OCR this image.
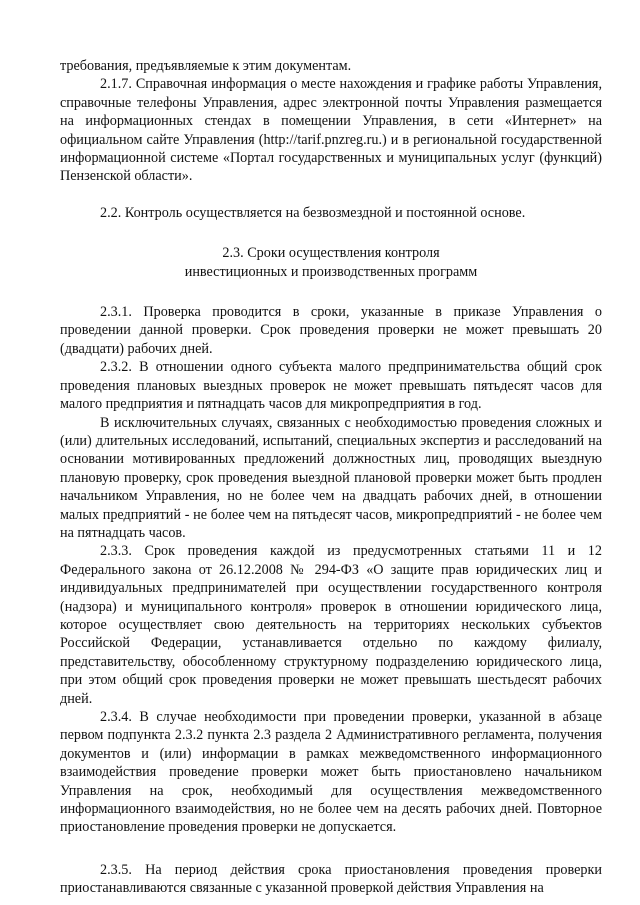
требования, предъявляемые к этим документам.

2.1.7. Справочная информация о месте нахождения и графике работы Управления, справочные телефоны Управления, адрес электронной почты Управления размещается на информационных стендах в помещении Управления, в сети «Интернет» на официальном сайте Управления (http://tarif.pnzreg.ru.) и в региональной государственной информационной системе «Портал государственных и муниципальных услуг (функций) Пензенской области».

2.2. Контроль осуществляется на безвозмездной и постоянной основе.

2.3. Сроки осуществления контроля
инвестиционных и производственных программ

2.3.1. Проверка проводится в сроки, указанные в приказе Управления о проведении данной проверки. Срок проведения проверки не может превышать 20 (двадцати) рабочих дней.

2.3.2. В отношении одного субъекта малого предпринимательства общий срок проведения плановых выездных проверок не может превышать пятьдесят часов для малого предприятия и пятнадцать часов для микропредприятия в год.

В исключительных случаях, связанных с необходимостью проведения сложных и (или) длительных исследований, испытаний, специальных экспертиз и расследований на основании мотивированных предложений должностных лиц, проводящих выездную плановую проверку, срок проведения выездной плановой проверки может быть продлен начальником Управления, но не более чем на двадцать рабочих дней, в отношении малых предприятий - не более чем на пятьдесят часов, микропредприятий - не более чем на пятнадцать часов.

2.3.3. Срок проведения каждой из предусмотренных статьями 11 и 12 Федерального закона от 26.12.2008 № 294-ФЗ «О защите прав юридических лиц и индивидуальных предпринимателей при осуществлении государственного контроля (надзора) и муниципального контроля» проверок в отношении юридического лица, которое осуществляет свою деятельность на территориях нескольких субъектов Российской Федерации, устанавливается отдельно по каждому филиалу, представительству, обособленному структурному подразделению юридического лица, при этом общий срок проведения проверки не может превышать шестьдесят рабочих дней.

2.3.4. В случае необходимости при проведении проверки, указанной в абзаце первом подпункта 2.3.2 пункта 2.3 раздела 2 Административного регламента, получения документов и (или) информации в рамках межведомственного информационного взаимодействия проведение проверки может быть приостановлено начальником Управления на срок, необходимый для осуществления межведомственного информационного взаимодействия, но не более чем на десять рабочих дней. Повторное приостановление проведения проверки не допускается.

2.3.5. На период действия срока приостановления проведения проверки приостанавливаются связанные с указанной проверкой действия Управления на
